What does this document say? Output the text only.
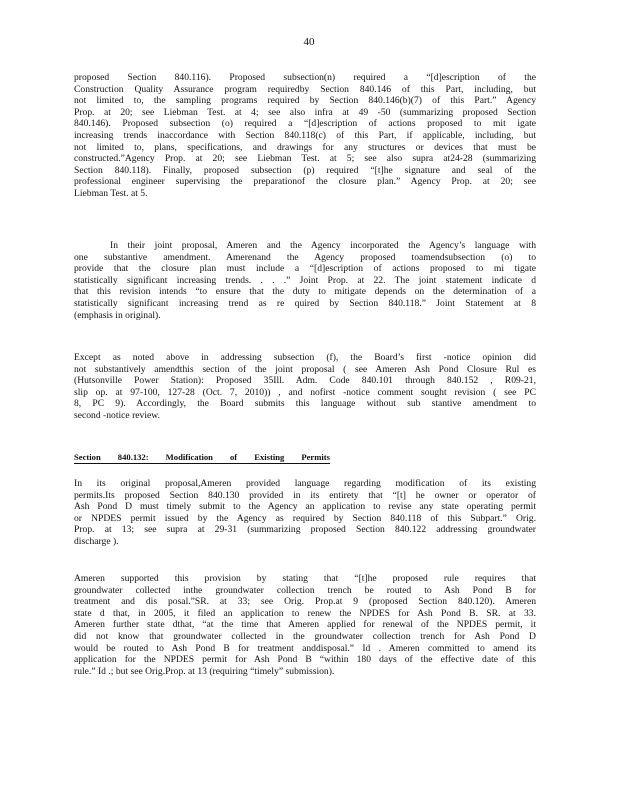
40
proposed Section 840.116). Proposed subsection(n) required a “[d]escription of the
Construction Quality Assurance program requiredby Section 840.146 of this Part, including, but
not limited to, the sampling programs required by Section 840.146(b)(7) of this Part.” Agency
Prop. at 20; see Liebman Test. at 4; see also infra at 49 -50 (summarizing proposed Section
840.146). Proposed subsection (o) required a “[d]escription of actions proposed to mit igate
increasing trends inaccordance with Section 840.118(c) of this Part, if applicable, including, but
not limited to, plans, specifications, and drawings for any structures or devices that must be
constructed.”Agency Prop. at 20; see Liebman Test. at 5; see also supra at24-28 (summarizing
Section 840.118). Finally, proposed subsection (p) required “[t]he signature and seal of the
professional engineer supervising the preparationof the closure plan.” Agency Prop. at 20; see
Liebman Test. at 5.
In their joint proposal, Ameren and the Agency incorporated the Agency’s language with
one substantive amendment. Amerenand the Agency proposed toamendsubsection (o) to
provide that the closure plan must include a “[d]escription of actions proposed to mi tigate
statistically significant increasing trends. . . .” Joint Prop. at 22. The joint statement indicate d
that this revision intends “to ensure that the duty to mitigate depends on the determination of a
statistically significant increasing trend as re quired by Section 840.118.” Joint Statement at 8
(emphasis in original).
Except as noted above in addressing subsection (f), the Board’s first -notice opinion did
not substantively amendthis section of the joint proposal ( see Ameren Ash Pond Closure Rul es
(Hutsonville Power Station): Proposed 35Ill. Adm. Code 840.101 through 840.152 , R09-21,
slip op. at 97-100, 127-28 (Oct. 7, 2010)) , and nofirst -notice comment sought revision ( see PC
8, PC 9). Accordingly, the Board submits this language without sub stantive amendment to
second -notice review.
Section 840.132: Modification of Existing Permits
In its original proposal,Ameren provided language regarding modification of its existing
permits.Its proposed Section 840.130 provided in its entirety that “[t] he owner or operator of
Ash Pond D must timely submit to the Agency an application to revise any state operating permit
or NPDES permit issued by the Agency as required by Section 840.118 of this Subpart.” Orig.
Prop. at 13; see supra at 29-31 (summarizing proposed Section 840.122 addressing groundwater
discharge ).
Ameren supported this provision by stating that “[t]he proposed rule requires that
groundwater collected inthe groundwater collection trench be routed to Ash Pond B for
treatment and dis posal.”SR. at 33; see Orig. Prop.at 9 (proposed Section 840.120). Ameren
state d that, in 2005, it filed an application to renew the NPDES for Ash Pond B. SR. at 33.
Ameren further state dthat, “at the time that Ameren applied for renewal of the NPDES permit, it
did not know that groundwater collected in the groundwater collection trench for Ash Pond D
would be routed to Ash Pond B for treatment anddisposal.” Id . Ameren committed to amend its
application for the NPDES permit for Ash Pond B “within 180 days of the effective date of this
rule.” Id .; but see Orig.Prop. at 13 (requiring “timely” submission).
